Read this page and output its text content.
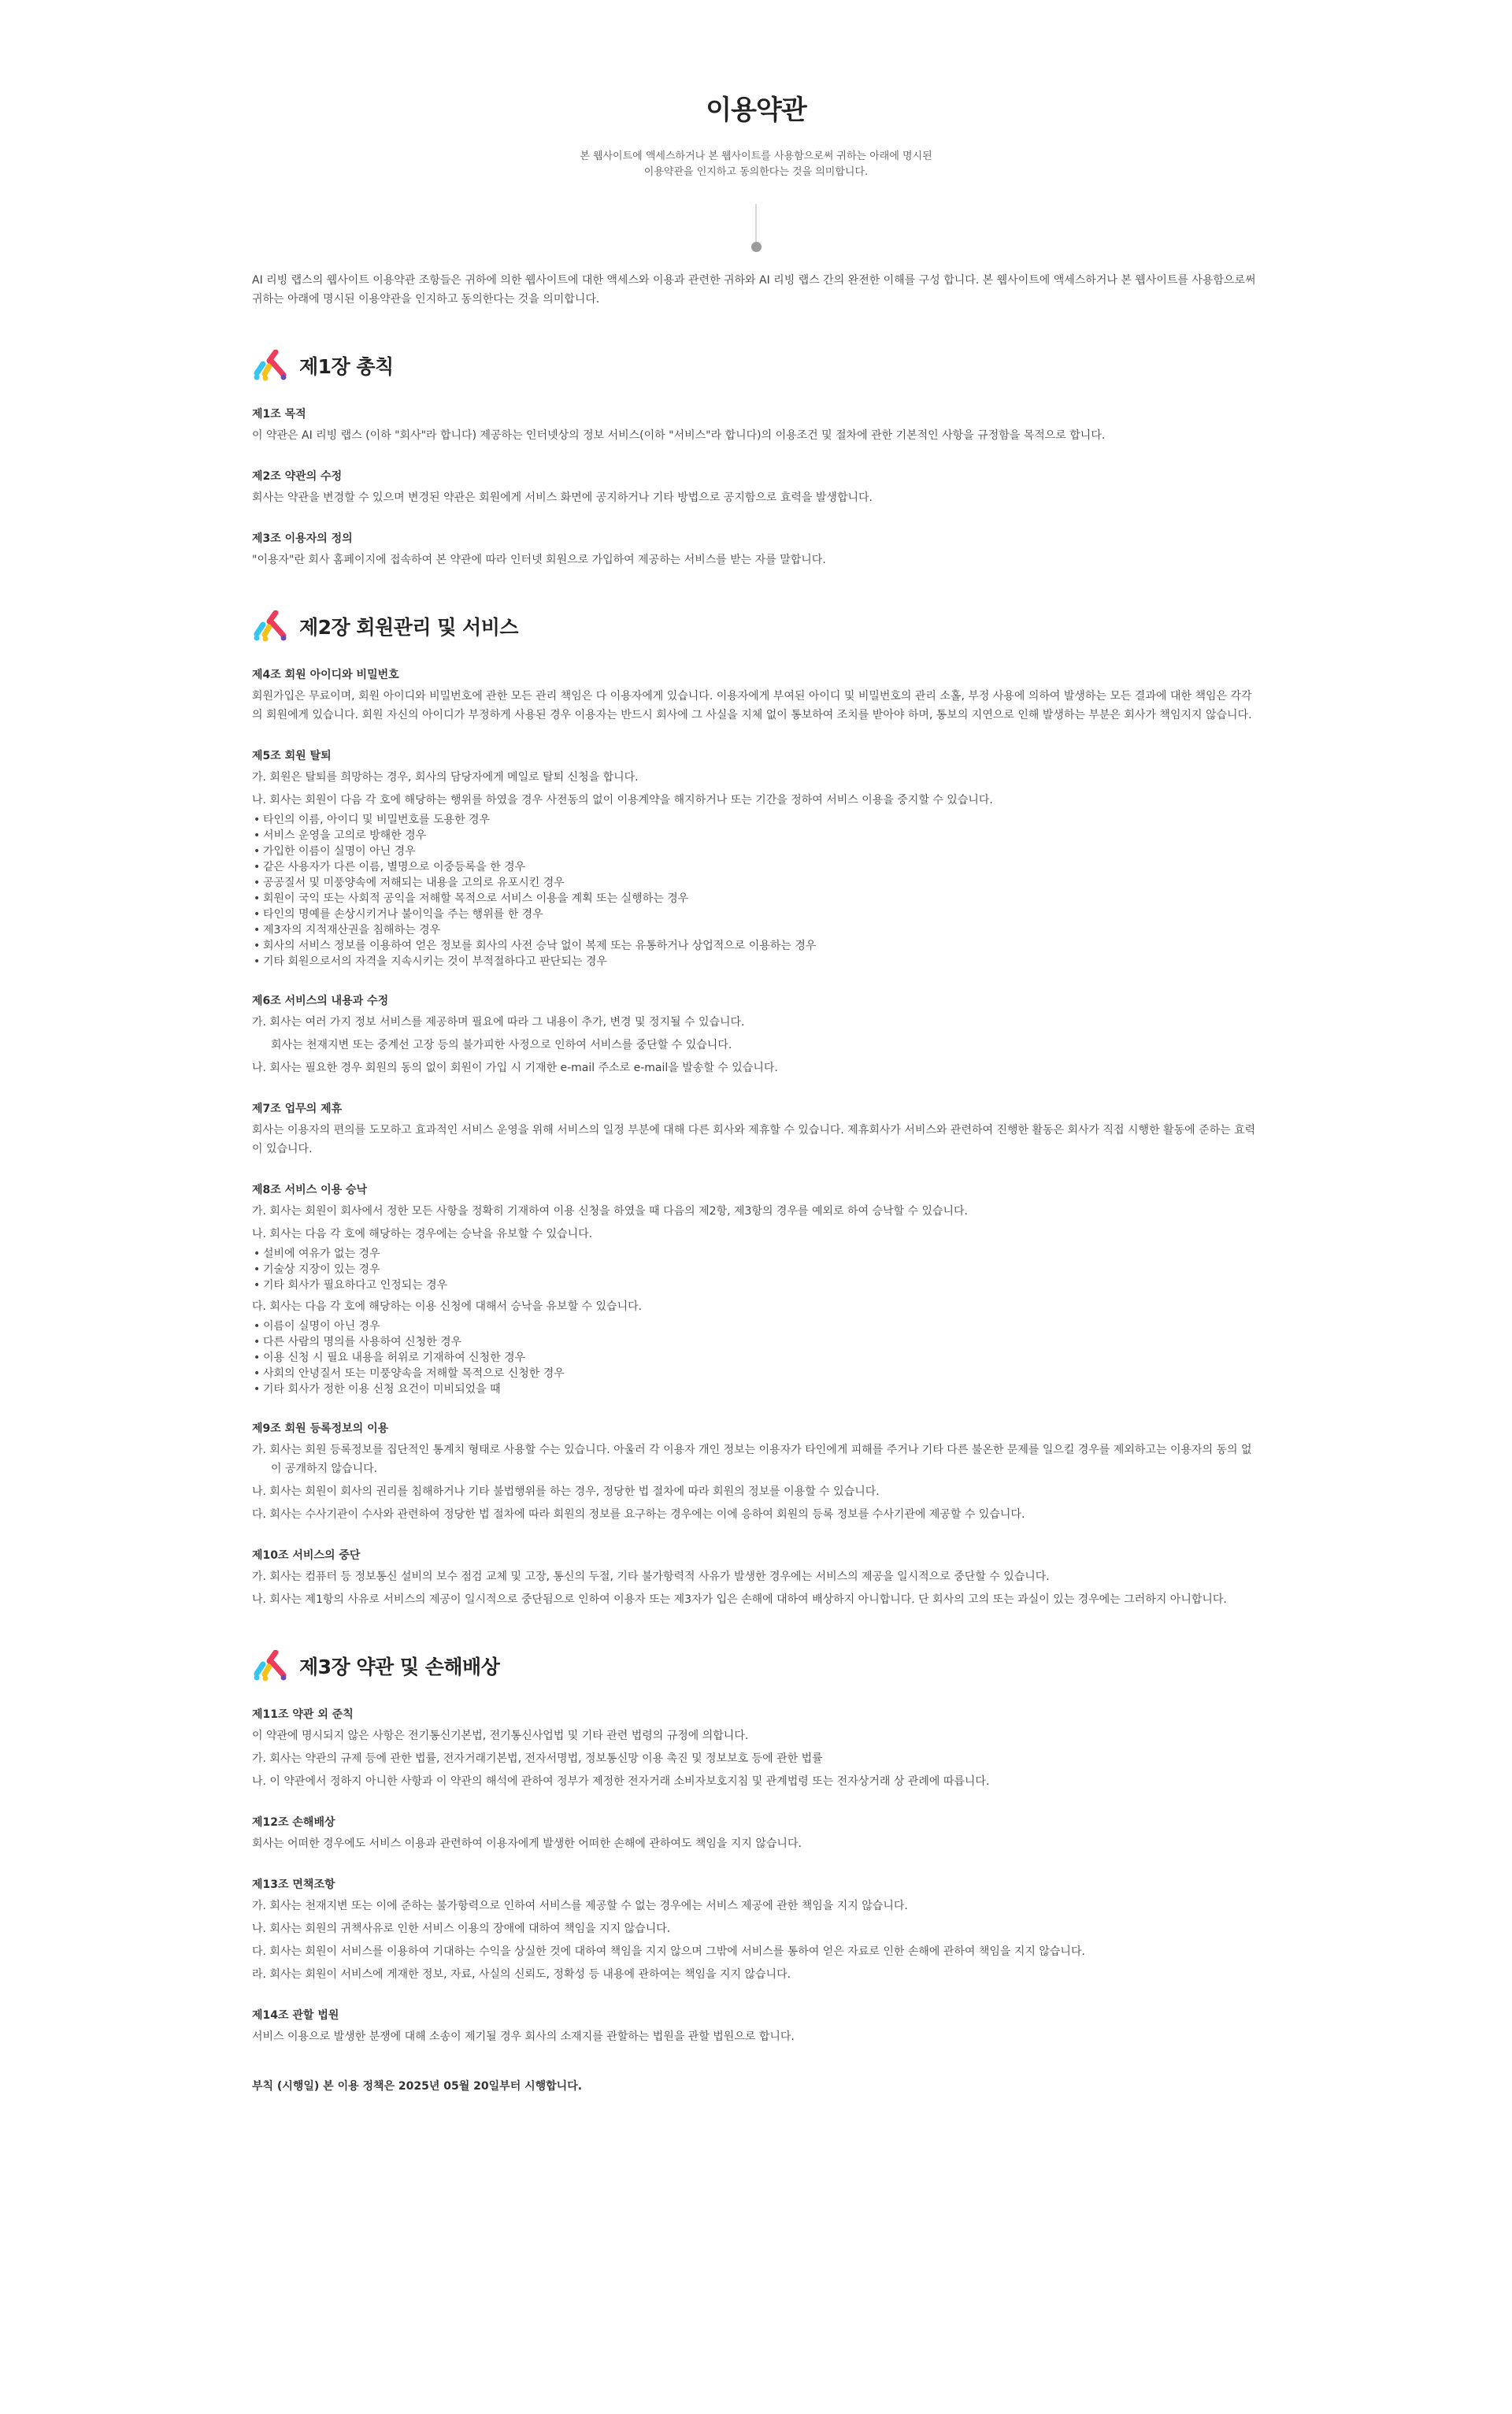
이용약관
본 웹사이트에 액세스하거나 본 웹사이트를 사용함으로써 귀하는 아래에 명시된
이용약관을 인지하고 동의한다는 것을 의미합니다.
AI 리빙 랩스의 웹사이트 이용약관 조항들은 귀하에 의한 웹사이트에 대한 액세스와 이용과 관련한 귀하와 AI 리빙 랩스 간의 완전한 이해를 구성 합니다. 본 웹사이트에 액세스하거나 본 웹사이트를 사용함으로써 귀하는 아래에 명시된 이용약관을 인지하고 동의한다는 것을 의미합니다.
제1장 총칙
제1조 목적
이 약관은 AI 리빙 랩스 (이하 "회사"라 합니다) 제공하는 인터넷상의 정보 서비스(이하 "서비스"라 합니다)의 이용조건 및 절차에 관한 기본적인 사항을 규정함을 목적으로 합니다.
제2조 약관의 수정
회사는 약관을 변경할 수 있으며 변경된 약관은 회원에게 서비스 화면에 공지하거나 기타 방법으로 공지함으로 효력을 발생합니다.
제3조 이용자의 정의
"이용자"란 회사 홈페이지에 접속하여 본 약관에 따라 인터넷 회원으로 가입하여 제공하는 서비스를 받는 자를 말합니다.
제2장 회원관리 및 서비스
제4조 회원 아이디와 비밀번호
회원가입은 무료이며, 회원 아이디와 비밀번호에 관한 모든 관리 책임은 다 이용자에게 있습니다. 이용자에게 부여된 아이디 및 비밀번호의 관리 소홀, 부정 사용에 의하여 발생하는 모든 결과에 대한 책임은 각각의 회원에게 있습니다. 회원 자신의 아이디가 부정하게 사용된 경우 이용자는 반드시 회사에 그 사실을 지체 없이 통보하여 조치를 받아야 하며, 통보의 지연으로 인해 발생하는 부분은 회사가 책임지지 않습니다.
제5조 회원 탈퇴
가. 회원은 탈퇴를 희망하는 경우, 회사의 담당자에게 메일로 탈퇴 신청을 합니다.
나. 회사는 회원이 다음 각 호에 해당하는 행위를 하였을 경우 사전동의 없이 이용계약을 해지하거나 또는 기간을 정하여 서비스 이용을 중지할 수 있습니다.
• 타인의 이름, 아이디 및 비밀번호를 도용한 경우
• 서비스 운영을 고의로 방해한 경우
• 가입한 이름이 실명이 아닌 경우
• 같은 사용자가 다른 이름, 별명으로 이중등록을 한 경우
• 공공질서 및 미풍양속에 저해되는 내용을 고의로 유포시킨 경우
• 회원이 국익 또는 사회적 공익을 저해할 목적으로 서비스 이용을 계획 또는 실행하는 경우
• 타인의 명예를 손상시키거나 불이익을 주는 행위를 한 경우
• 제3자의 지적재산권을 침해하는 경우
• 회사의 서비스 정보를 이용하여 얻은 정보를 회사의 사전 승낙 없이 복제 또는 유통하거나 상업적으로 이용하는 경우
• 기타 회원으로서의 자격을 지속시키는 것이 부적절하다고 판단되는 경우
제6조 서비스의 내용과 수정
가. 회사는 여러 가지 정보 서비스를 제공하며 필요에 따라 그 내용이 추가, 변경 및 정지될 수 있습니다.
회사는 천재지변 또는 중계선 고장 등의 불가피한 사정으로 인하여 서비스를 중단할 수 있습니다.
나. 회사는 필요한 경우 회원의 동의 없이 회원이 가입 시 기재한 e-mail 주소로 e-mail을 발송할 수 있습니다.
제7조 업무의 제휴
회사는 이용자의 편의를 도모하고 효과적인 서비스 운영을 위해 서비스의 일정 부분에 대해 다른 회사와 제휴할 수 있습니다. 제휴회사가 서비스와 관련하여 진행한 활동은 회사가 직접 시행한 활동에 준하는 효력이 있습니다.
제8조 서비스 이용 승낙
가. 회사는 회원이 회사에서 정한 모든 사항을 정확히 기재하여 이용 신청을 하였을 때 다음의 제2항, 제3항의 경우를 예외로 하여 승낙할 수 있습니다.
나. 회사는 다음 각 호에 해당하는 경우에는 승낙을 유보할 수 있습니다.
• 설비에 여유가 없는 경우
• 기술상 지장이 있는 경우
• 기타 회사가 필요하다고 인정되는 경우
다. 회사는 다음 각 호에 해당하는 이용 신청에 대해서 승낙을 유보할 수 있습니다.
• 이름이 실명이 아닌 경우
• 다른 사람의 명의를 사용하여 신청한 경우
• 이용 신청 시 필요 내용을 허위로 기재하여 신청한 경우
• 사회의 안녕질서 또는 미풍양속을 저해할 목적으로 신청한 경우
• 기타 회사가 정한 이용 신청 요건이 미비되었을 때
제9조 회원 등록정보의 이용
가. 회사는 회원 등록정보를 집단적인 통계치 형태로 사용할 수는 있습니다. 아울러 각 이용자 개인 정보는 이용자가 타인에게 피해를 주거나 기타 다른 불온한 문제를 일으킬 경우를 제외하고는 이용자의 동의 없이 공개하지 않습니다.
나. 회사는 회원이 회사의 권리를 침해하거나 기타 불법행위를 하는 경우, 정당한 법 절차에 따라 회원의 정보를 이용할 수 있습니다.
다. 회사는 수사기관이 수사와 관련하여 정당한 법 절차에 따라 회원의 정보를 요구하는 경우에는 이에 응하여 회원의 등록 정보를 수사기관에 제공할 수 있습니다.
제10조 서비스의 중단
가. 회사는 컴퓨터 등 정보통신 설비의 보수 점검 교체 및 고장, 통신의 두절, 기타 불가항력적 사유가 발생한 경우에는 서비스의 제공을 일시적으로 중단할 수 있습니다.
나. 회사는 제1항의 사유로 서비스의 제공이 일시적으로 중단됨으로 인하여 이용자 또는 제3자가 입은 손해에 대하여 배상하지 아니합니다. 단 회사의 고의 또는 과실이 있는 경우에는 그러하지 아니합니다.
제3장 약관 및 손해배상
제11조 약관 외 준칙
이 약관에 명시되지 않은 사항은 전기통신기본법, 전기통신사업법 및 기타 관련 법령의 규정에 의합니다.
가. 회사는 약관의 규제 등에 관한 법률, 전자거래기본법, 전자서명법, 정보통신망 이용 촉진 및 정보보호 등에 관한 법률
나. 이 약관에서 정하지 아니한 사항과 이 약관의 해석에 관하여 정부가 제정한 전자거래 소비자보호지침 및 관계법령 또는 전자상거래 상 관례에 따릅니다.
제12조 손해배상
회사는 어떠한 경우에도 서비스 이용과 관련하여 이용자에게 발생한 어떠한 손해에 관하여도 책임을 지지 않습니다.
제13조 면책조항
가. 회사는 천재지변 또는 이에 준하는 불가항력으로 인하여 서비스를 제공할 수 없는 경우에는 서비스 제공에 관한 책임을 지지 않습니다.
나. 회사는 회원의 귀책사유로 인한 서비스 이용의 장애에 대하여 책임을 지지 않습니다.
다. 회사는 회원이 서비스를 이용하여 기대하는 수익을 상실한 것에 대하여 책임을 지지 않으며 그밖에 서비스를 통하여 얻은 자료로 인한 손해에 관하여 책임을 지지 않습니다.
라. 회사는 회원이 서비스에 게재한 정보, 자료, 사실의 신뢰도, 정확성 등 내용에 관하여는 책임을 지지 않습니다.
제14조 관할 법원
서비스 이용으로 발생한 분쟁에 대해 소송이 제기될 경우 회사의 소재지를 관할하는 법원을 관할 법원으로 합니다.
부칙 (시행일) 본 이용 정책은 2025년 05월 20일부터 시행합니다.
